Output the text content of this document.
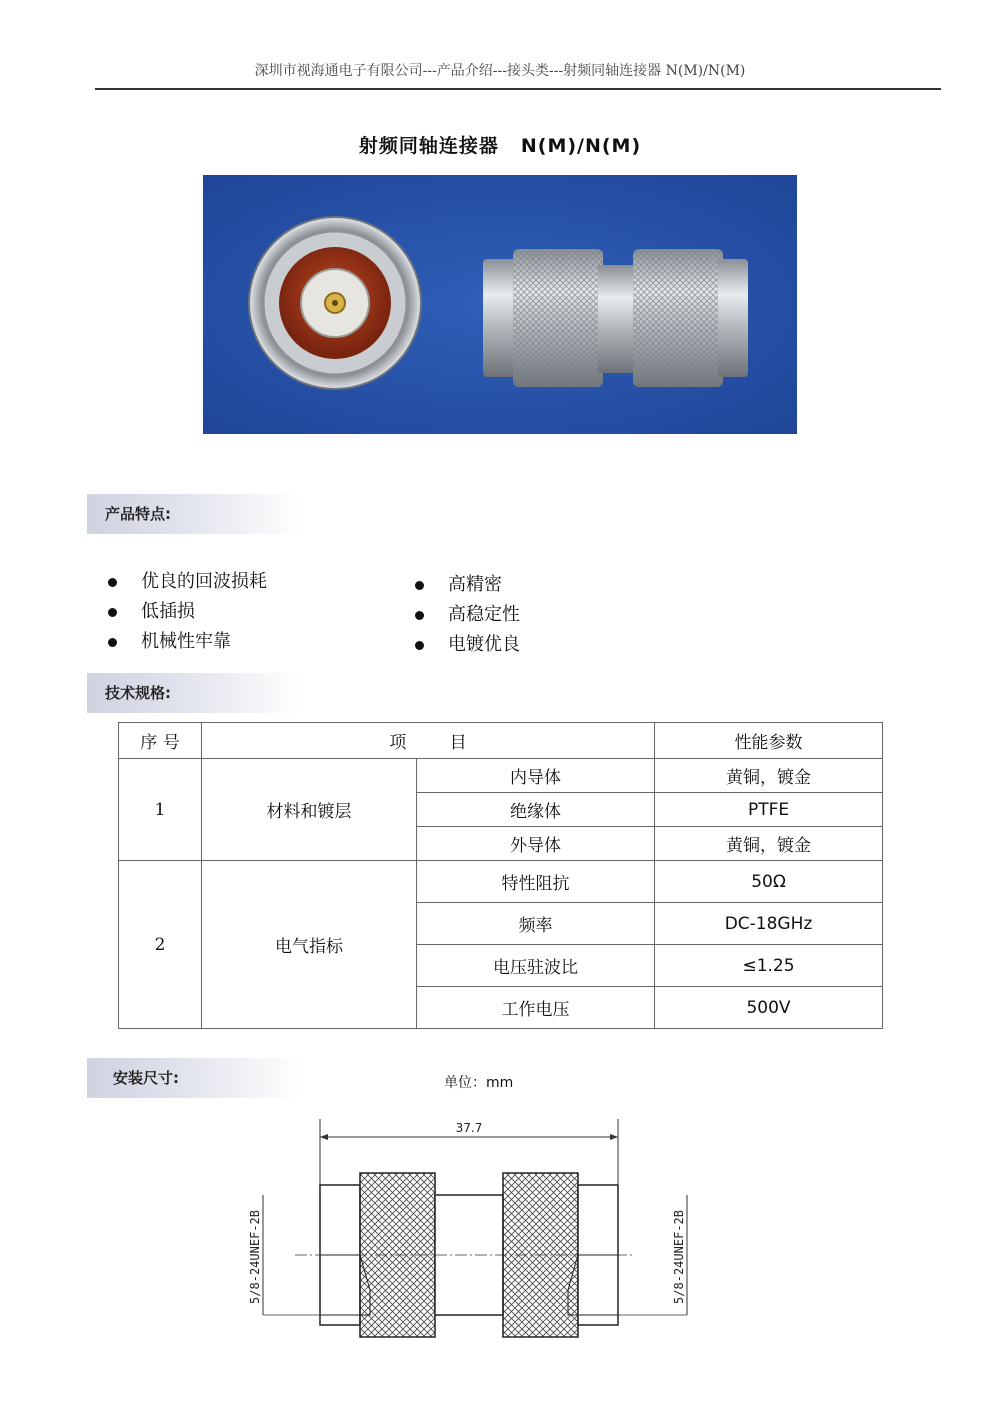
深圳市视海通电子有限公司---产品介绍---接头类---射频同轴连接器 N(M)/N(M)
射频同轴连接器 N(M)/N(M)
产品特点:
优良的回波损耗
低插损
机械性牢靠
高精密
高稳定性
电镀优良
技术规格:
序 号	项        目		性能参数
1	材料和镀层	内导体	黄铜，镀金
		绝缘体	PTFE
		外导体	黄铜，镀金
2	电气指标	特性阻抗	50Ω
		频率	DC-18GHz
		电压驻波比	≤1.25
		工作电压	500V
安装尺寸:	单位：mm
37.7
5/8-24UNEF-2B	5/8-24UNEF-2B
